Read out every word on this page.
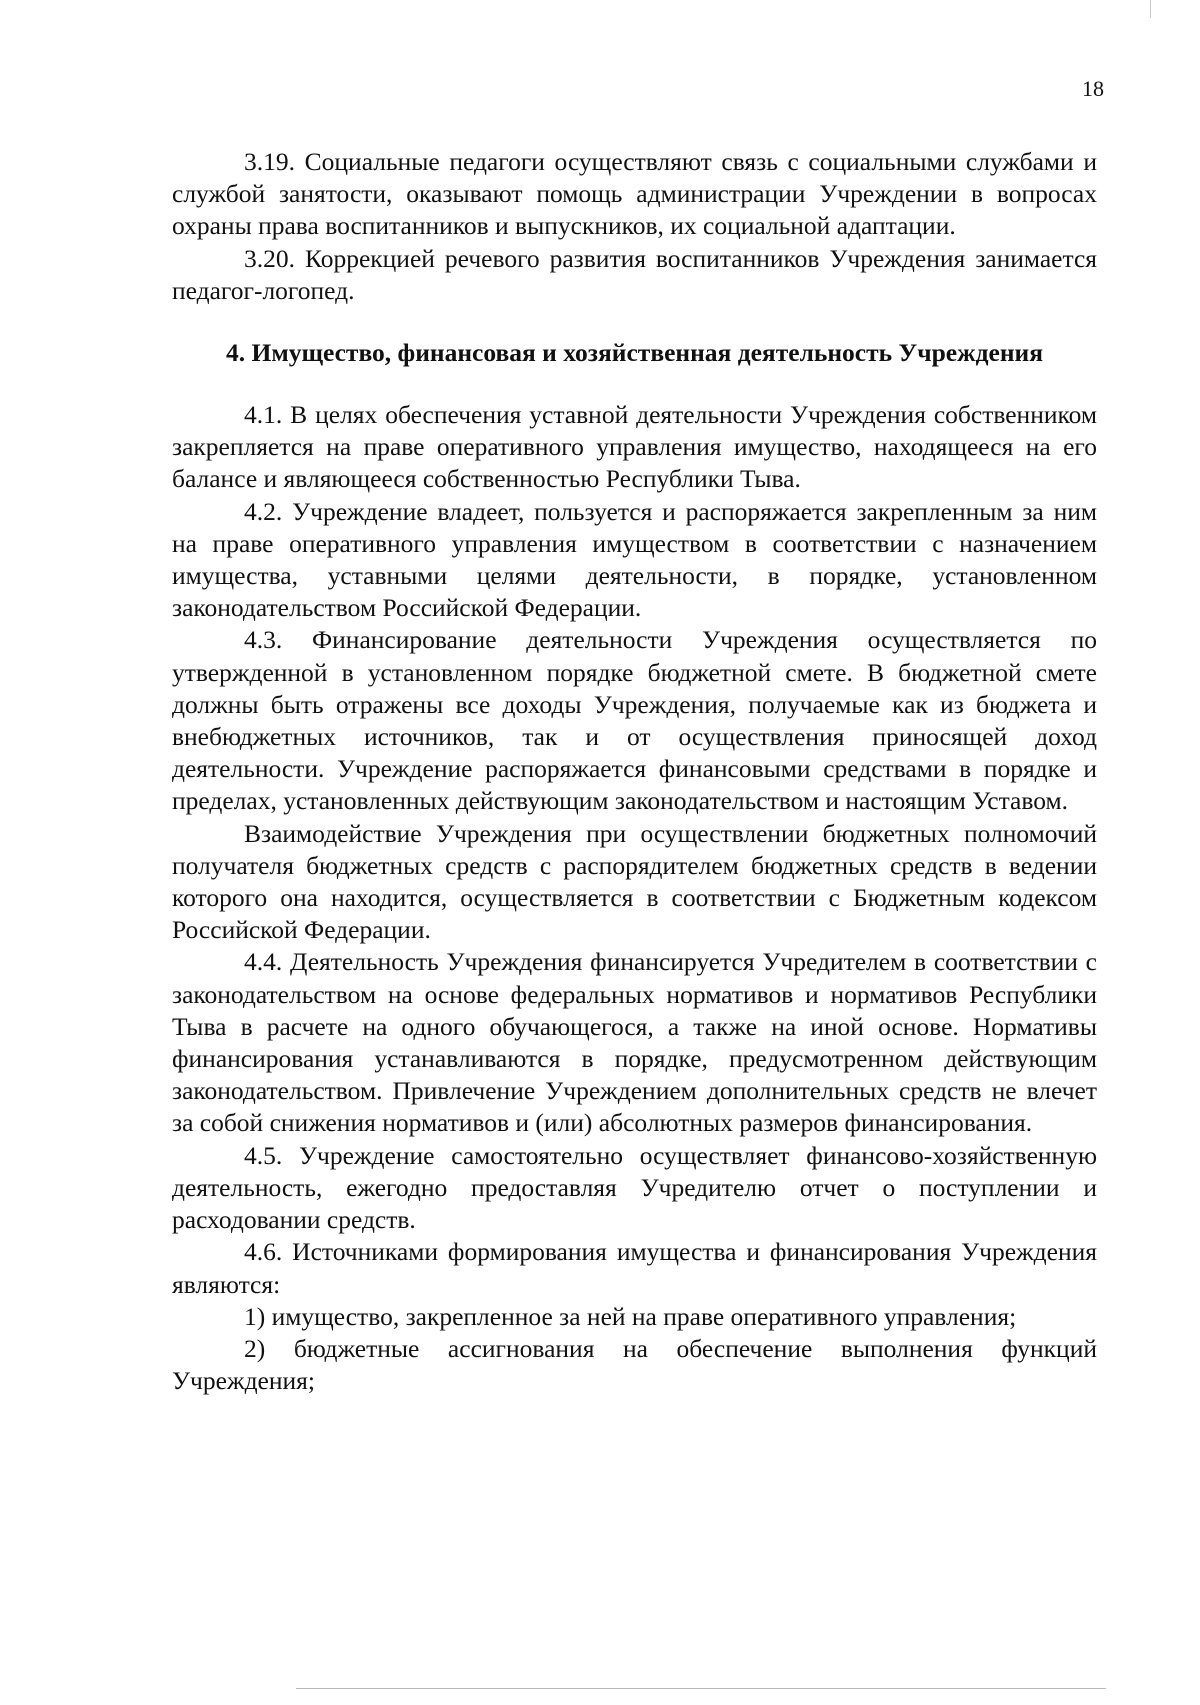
18

3.19. Социальные педагоги осуществляют связь с социальными службами и службой занятости, оказывают помощь администрации Учреждении в вопросах охраны права воспитанников и выпускников, их социальной адаптации.

3.20. Коррекцией речевого развития воспитанников Учреждения занимается педагог-логопед.

4. Имущество, финансовая и хозяйственная деятельность Учреждения

4.1. В целях обеспечения уставной деятельности Учреждения собственником закрепляется на праве оперативного управления имущество, находящееся на его балансе и являющееся собственностью Республики Тыва.

4.2. Учреждение владеет, пользуется и распоряжается закрепленным за ним на праве оперативного управления имуществом в соответствии с назначением имущества, уставными целями деятельности, в порядке, установленном законодательством Российской Федерации.

4.3. Финансирование деятельности Учреждения осуществляется по утвержденной в установленном порядке бюджетной смете. В бюджетной смете должны быть отражены все доходы Учреждения, получаемые как из бюджета и внебюджетных источников, так и от осуществления приносящей доход деятельности. Учреждение распоряжается финансовыми средствами в порядке и пределах, установленных действующим законодательством и настоящим Уставом.

Взаимодействие Учреждения при осуществлении бюджетных полномочий получателя бюджетных средств с распорядителем бюджетных средств в ведении которого она находится, осуществляется в соответствии с Бюджетным кодексом Российской Федерации.

4.4. Деятельность Учреждения финансируется Учредителем в соответствии с законодательством на основе федеральных нормативов и нормативов Республики Тыва в расчете на одного обучающегося, а также на иной основе. Нормативы финансирования устанавливаются в порядке, предусмотренном действующим законодательством. Привлечение Учреждением дополнительных средств не влечет за собой снижения нормативов и (или) абсолютных размеров финансирования.

4.5. Учреждение самостоятельно осуществляет финансово-хозяйственную деятельность, ежегодно предоставляя Учредителю отчет о поступлении и расходовании средств.

4.6. Источниками формирования имущества и финансирования Учреждения являются:

1) имущество, закрепленное за ней на праве оперативного управления;

2) бюджетные ассигнования на обеспечение выполнения функций Учреждения;
